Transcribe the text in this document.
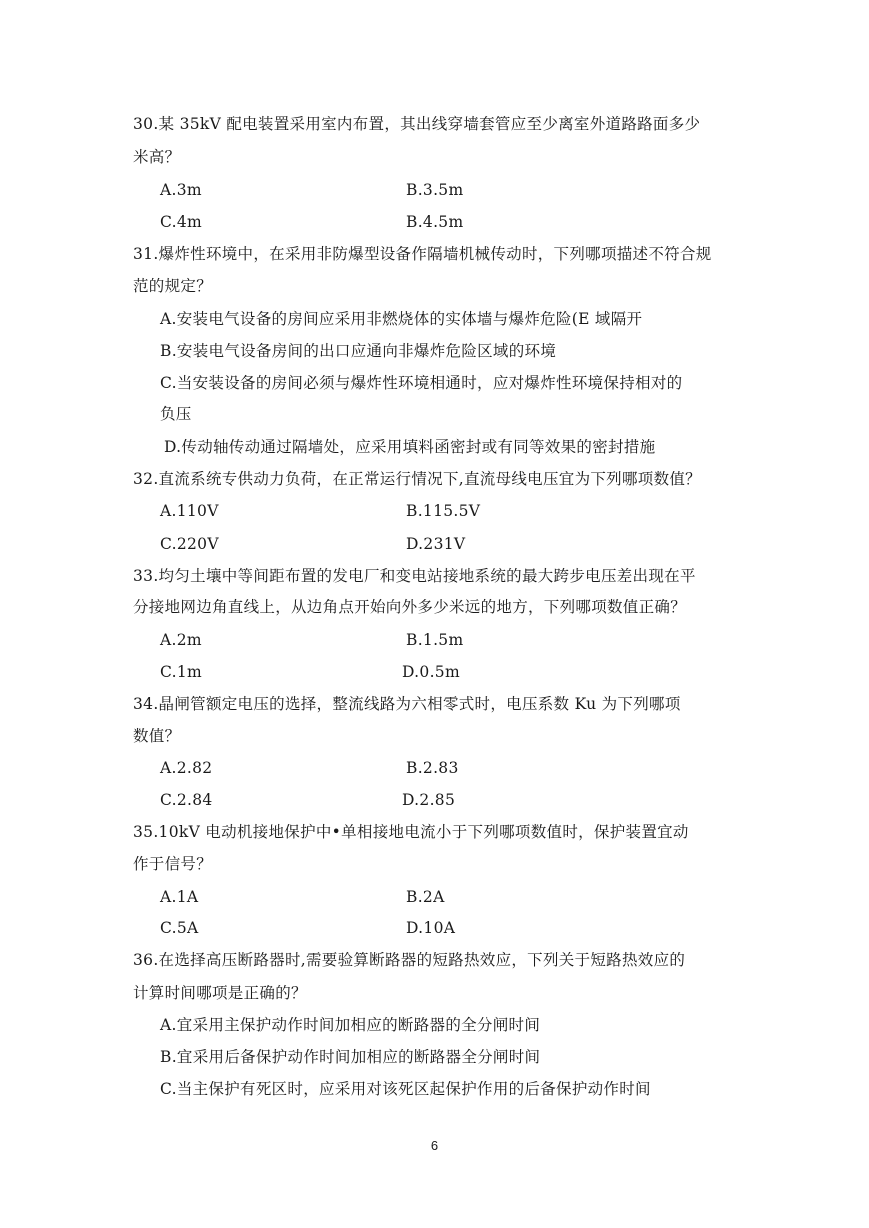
30.某 35kV 配电装置采用室内布置，其出线穿墙套管应至少离室外道路路面多少
米高？
A.3m	B.3.5m
C.4m	B.4.5m
31.爆炸性环境中，在采用非防爆型设备作隔墙机械传动时，下列哪项描述不符合规
范的规定？
A.安装电气设备的房间应采用非燃烧体的实体墙与爆炸危险(E 域隔开
B.安装电气设备房间的出口应通向非爆炸危险区域的环境
C.当安装设备的房间必须与爆炸性环境相通时，应对爆炸性环境保持相对的
负压
D.传动轴传动通过隔墙处，应采用填料函密封或有同等效果的密封措施
32.直流系统专供动力负荷，在正常运行情况下,直流母线电压宜为下列哪项数值？
A.110V	B.115.5V
C.220V	D.231V
33.均匀土壤中等间距布置的发电厂和变电站接地系统的最大跨步电压差出现在平
分接地网边角直线上，从边角点开始向外多少米远的地方，下列哪项数值正确？
A.2m	B.1.5m
C.1m	D.0.5m
34.晶闸管额定电压的选择，整流线路为六相零式时，电压系数 Ku 为下列哪项
数值？
A.2.82	B.2.83
C.2.84	D.2.85
35.10kV 电动机接地保护中•单相接地电流小于下列哪项数值时，保护装置宜动
作于信号？
A.1A	B.2A
C.5A	D.10A
36.在选择高压断路器时,需要验算断路器的短路热效应，下列关于短路热效应的
计算时间哪项是正确的？
A.宜采用主保护动作时间加相应的断路器的全分闸时间
B.宜采用后备保护动作时间加相应的断路器全分闸时间
C.当主保护有死区时，应采用对该死区起保护作用的后备保护动作时间
6
